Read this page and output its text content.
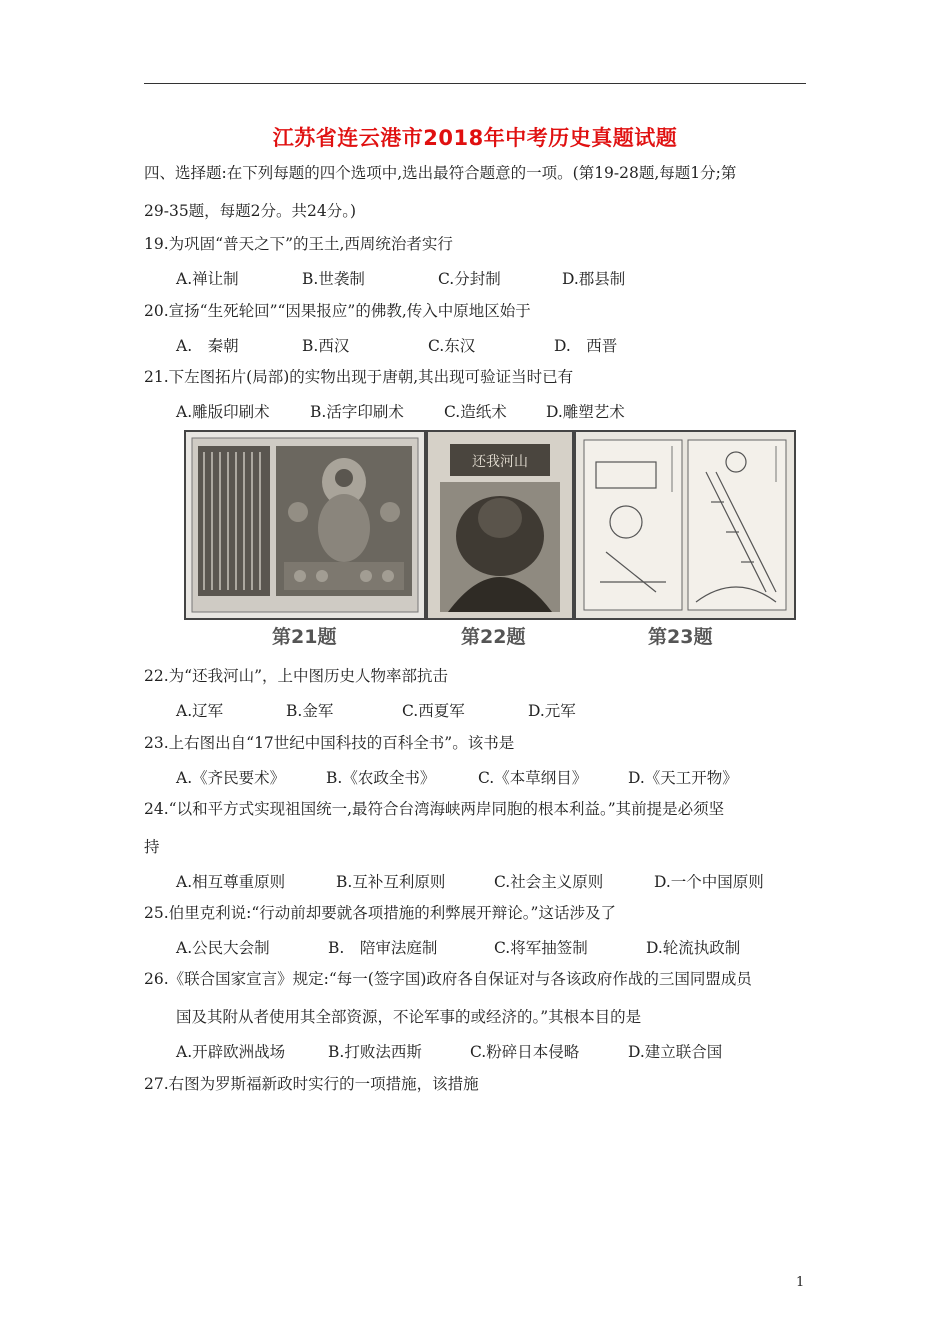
江苏省连云港市2018年中考历史真题试题
四、选择题:在下列每题的四个选项中,选出最符合题意的一项。(第19-28题,每题1分;第
29-35题，每题2分。共24分。)
19.为巩固“普天之下”的王土,西周统治者实行
A.禅让制	B.世袭制	C.分封制	D.郡县制
20.宣扬“生死轮回”“因果报应”的佛教,传入中原地区始于
A.　秦朝	B.西汉	C.东汉	D.　西晋
21.下左图拓片(局部)的实物出现于唐朝,其出现可验证当时已有
A.雕版印刷术	B.活字印刷术	C.造纸术	D.雕塑艺术
还我河山
第21题	第22题	第23题
22.为“还我河山”，上中图历史人物率部抗击
A.辽军	B.金军	C.西夏军	D.元军
23.上右图出自“17世纪中国科技的百科全书”。该书是
A.《齐民要术》	B.《农政全书》	C.《本草纲目》	D.《天工开物》
24.“以和平方式实现祖国统一,最符合台湾海峡两岸同胞的根本利益。”其前提是必须坚
持
A.相互尊重原则	B.互补互利原则	C.社会主义原则	D.一个中国原则
25.伯里克利说:“行动前却要就各项措施的利弊展开辩论。”这话涉及了
A.公民大会制	B.　陪审法庭制	C.将军抽签制	D.轮流执政制
26.《联合国家宣言》规定:“每一(签字国)政府各自保证对与各该政府作战的三国同盟成员
国及其附从者使用其全部资源，不论军事的或经济的。”其根本目的是
A.开辟欧洲战场	B.打败法西斯	C.粉碎日本侵略	D.建立联合国
27.右图为罗斯福新政时实行的一项措施，该措施
1
